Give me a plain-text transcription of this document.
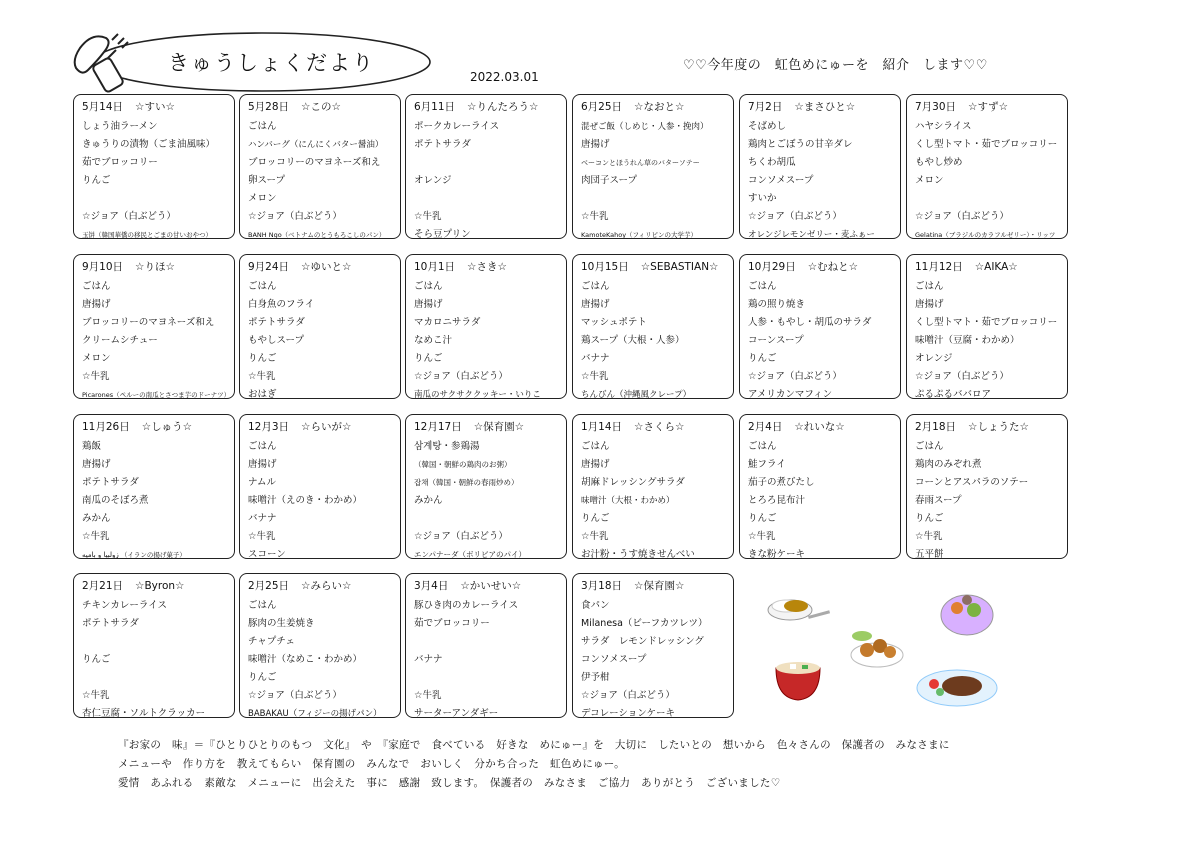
きゅうしょくだより
2022.03.01
♡♡今年度の　虹色めにゅーを　紹介　します♡♡
5月14日 ☆すい☆
しょう油ラーメン
きゅうりの漬物（ごま油風味）
茹でブロッコリー
りんご
☆ジョア（白ぶどう）
玉饼（韓国華僑の移民とごまの甘いおやつ）
5月28日 ☆この☆
ごはん
ハンバーグ（にんにくバター醤油）
ブロッコリーのマヨネーズ和え
卵スープ
メロン
☆ジョア（白ぶどう）
BANH Ngo（ベトナムのとうもろこしのパン）
6月11日 ☆りんたろう☆
ポークカレーライス
ポテトサラダ
オレンジ
☆牛乳
そら豆プリン
6月25日 ☆なおと☆
混ぜご飯（しめじ・人参・挽肉）
唐揚げ
ベーコンとほうれん草のバターソテー
肉団子スープ
☆牛乳
KamoteKahoy（フィリピンの大学芋）
7月2日 ☆まさひと☆
そばめし
鶏肉とごぼうの甘辛ダレ
ちくわ胡瓜
コンソメスープ
すいか
☆ジョア（白ぶどう）
オレンジレモンゼリー・麦ふぁー
7月30日 ☆すず☆
ハヤシライス
くし型トマト・茹でブロッコリー
もやし炒め
メロン
☆ジョア（白ぶどう）
Gelatina（ブラジルのカラフルゼリー）・リッツ
9月10日 ☆りほ☆
ごはん
唐揚げ
ブロッコリーのマヨネーズ和え
クリームシチュー
メロン
☆牛乳
Picarones（ペルーの南瓜とさつま芋のドーナツ）
9月24日 ☆ゆいと☆
ごはん
白身魚のフライ
ポテトサラダ
もやしスープ
りんご
☆牛乳
おはぎ
10月1日 ☆さき☆
ごはん
唐揚げ
マカロニサラダ
なめこ汁
りんご
☆ジョア（白ぶどう）
南瓜のサクサククッキー・いりこ
10月15日 ☆SEBASTIAN☆
ごはん
唐揚げ
マッシュポテト
鶏スープ（大根・人参）
バナナ
☆牛乳
ちんびん（沖縄風クレープ）
10月29日 ☆むねと☆
ごはん
鶏の照り焼き
人参・もやし・胡瓜のサラダ
コーンスープ
りんご
☆ジョア（白ぶどう）
アメリカンマフィン
11月12日 ☆AIKA☆
ごはん
唐揚げ
くし型トマト・茹でブロッコリー
味噌汁（豆腐・わかめ）
オレンジ
☆ジョア（白ぶどう）
ぷるぷるババロア
11月26日 ☆しゅう☆
鶏飯
唐揚げ
ポテトサラダ
南瓜のそぼろ煮
みかん
☆牛乳
ﺯﻭﻟﺒﻴﺎ ﻭ ﺑﺎﻣﻴﻪ （イランの揚げ菓子）
12月3日 ☆らいが☆
ごはん
唐揚げ
ナムル
味噌汁（えのき・わかめ）
バナナ
☆牛乳
スコーン
12月17日 ☆保育園☆
삼계탕・参鶏湯
（韓国・朝鮮の鶏肉のお粥）
잡채（韓国・朝鮮の春雨炒め）
みかん
☆ジョア（白ぶどう）
エンパナーダ（ボリビアのパイ）
1月14日 ☆さくら☆
ごはん
唐揚げ
胡麻ドレッシングサラダ
味噌汁（大根・わかめ）
りんご
☆牛乳
お汁粉・うす焼きせんべい
2月4日 ☆れいな☆
ごはん
鮭フライ
茄子の煮びたし
とろろ昆布汁
りんご
☆牛乳
きな粉ケーキ
2月18日 ☆しょうた☆
ごはん
鶏肉のみぞれ煮
コーンとアスパラのソテー
春雨スープ
りんご
☆牛乳
五平餅
2月21日 ☆Byron☆
チキンカレーライス
ポテトサラダ
りんご
☆牛乳
杏仁豆腐・ソルトクラッカー
2月25日 ☆みらい☆
ごはん
豚肉の生姜焼き
チャプチェ
味噌汁（なめこ・わかめ）
りんご
☆ジョア（白ぶどう）
BABAKAU（フィジーの揚げパン）
3月4日 ☆かいせい☆
豚ひき肉のカレーライス
茹でブロッコリー
バナナ
☆牛乳
サーターアンダギー
3月18日 ☆保育園☆
食パン
Milanesa（ビーフカツレツ）
サラダ　レモンドレッシング
コンソメスープ
伊予柑
☆ジョア（白ぶどう）
デコレーションケーキ
『お家の　味』＝『ひとりひとりのもつ　文化』　や　『家庭で　食べている　好きな　めにゅー』を　大切に　したいとの　想いから　色々さんの　保護者の　みなさまに
メニューや　作り方を　教えてもらい　保育園の　みんなで　おいしく　分かち合った　虹色めにゅー。
愛情　あふれる　素敵な　メニューに　出会えた　事に　感謝　致します。　保護者の　みなさま　ご協力　ありがとう　ございました♡
